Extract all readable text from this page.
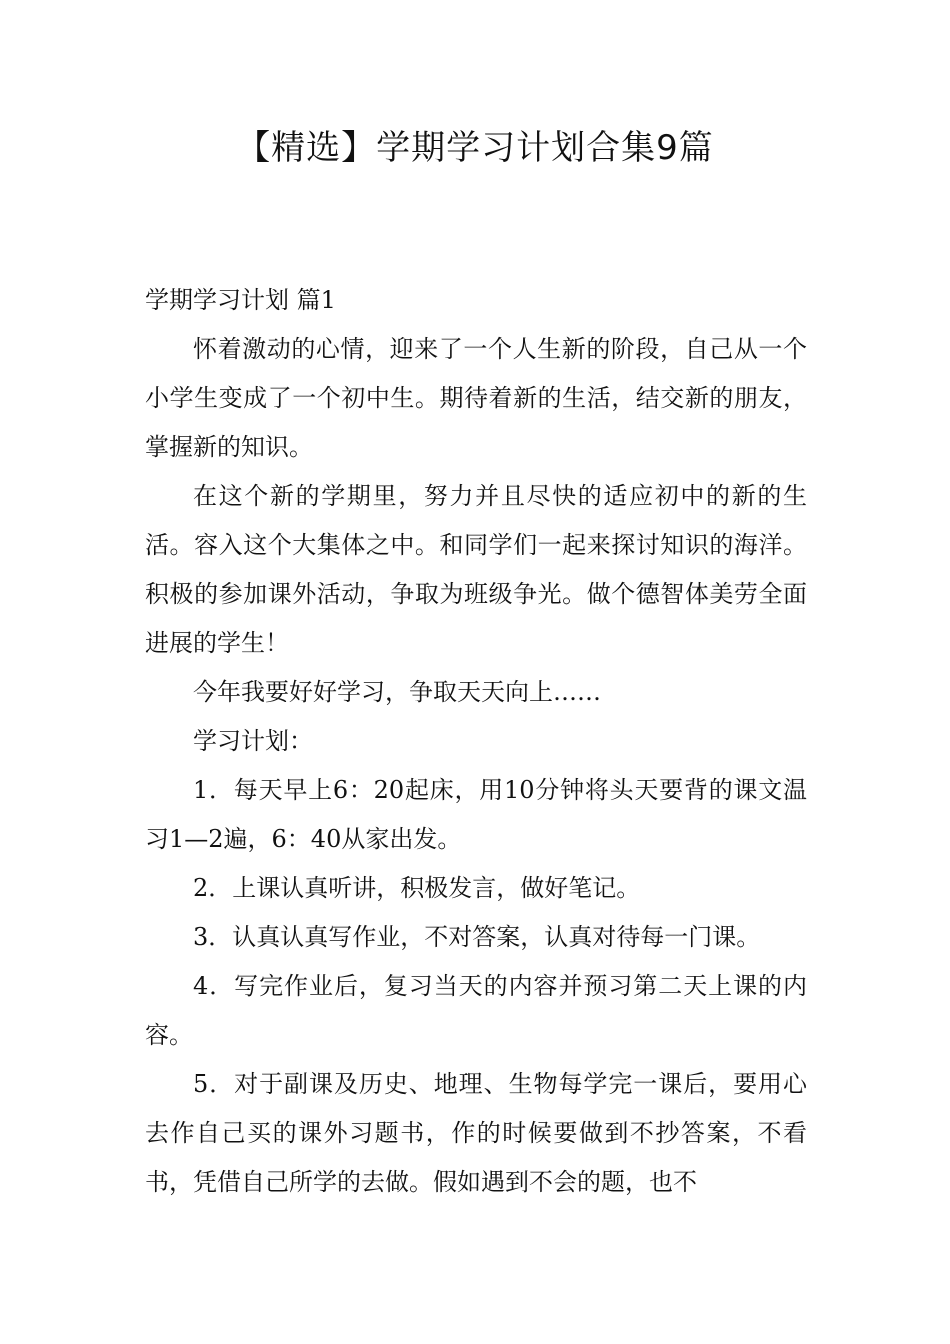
【精选】学期学习计划合集9篇
学期学习计划 篇1

怀着激动的心情，迎来了一个人生新的阶段，自己从一个小学生变成了一个初中生。期待着新的生活，结交新的朋友，掌握新的知识。

在这个新的学期里，努力并且尽快的适应初中的新的生活。容入这个大集体之中。和同学们一起来探讨知识的海洋。积极的参加课外活动，争取为班级争光。做个德智体美劳全面进展的学生！

今年我要好好学习，争取天天向上……

学习计划：

1．每天早上6：20起床，用10分钟将头天要背的课文温习1—2遍，6：40从家出发。

2．上课认真听讲，积极发言，做好笔记。

3．认真认真写作业，不对答案，认真对待每一门课。

4．写完作业后，复习当天的内容并预习第二天上课的内容。

5．对于副课及历史、地理、生物每学完一课后，要用心去作自己买的课外习题书，作的时候要做到不抄答案，不看书，凭借自己所学的去做。假如遇到不会的题，也不
